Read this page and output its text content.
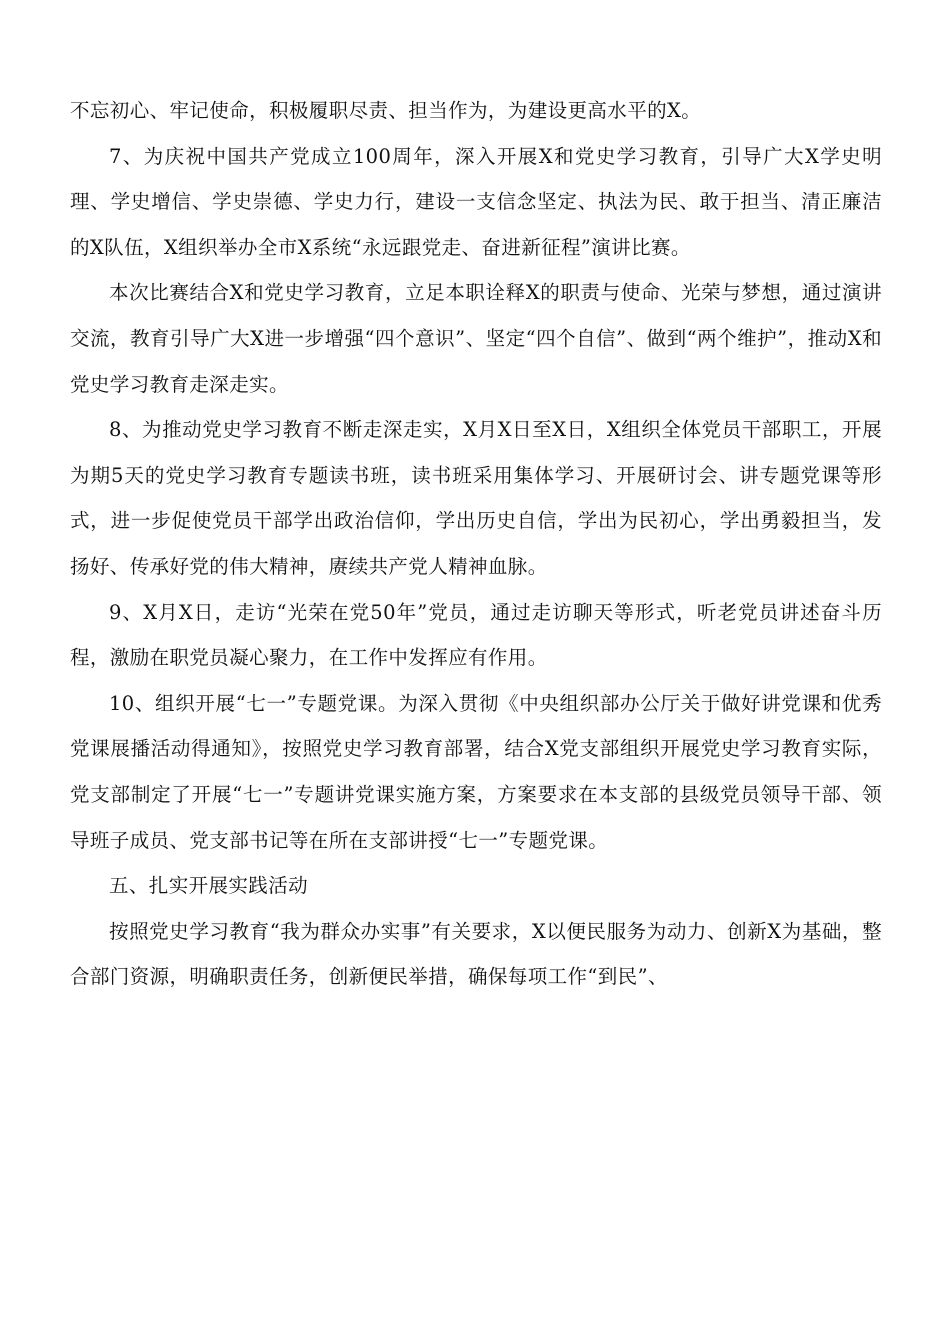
不忘初心、牢记使命，积极履职尽责、担当作为，为建设更高水平的X。

7、为庆祝中国共产党成立100周年，深入开展X和党史学习教育，引导广大X学史明理、学史增信、学史崇德、学史力行，建设一支信念坚定、执法为民、敢于担当、清正廉洁的X队伍，X组织举办全市X系统“永远跟党走、奋进新征程”演讲比赛。

本次比赛结合X和党史学习教育，立足本职诠释X的职责与使命、光荣与梦想，通过演讲交流，教育引导广大X进一步增强“四个意识”、坚定“四个自信”、做到“两个维护”，推动X和党史学习教育走深走实。

8、为推动党史学习教育不断走深走实，X月X日至X日，X组织全体党员干部职工，开展为期5天的党史学习教育专题读书班，读书班采用集体学习、开展研讨会、讲专题党课等形式，进一步促使党员干部学出政治信仰，学出历史自信，学出为民初心，学出勇毅担当，发扬好、传承好党的伟大精神，赓续共产党人精神血脉。

9、X月X日，走访“光荣在党50年”党员，通过走访聊天等形式，听老党员讲述奋斗历程，激励在职党员凝心聚力，在工作中发挥应有作用。

10、组织开展“七一”专题党课。为深入贯彻《中央组织部办公厅关于做好讲党课和优秀党课展播活动得通知》，按照党史学习教育部署，结合X党支部组织开展党史学习教育实际，党支部制定了开展“七一”专题讲党课实施方案，方案要求在本支部的县级党员领导干部、领导班子成员、党支部书记等在所在支部讲授“七一”专题党课。

五、扎实开展实践活动

按照党史学习教育“我为群众办实事”有关要求，X以便民服务为动力、创新X为基础，整合部门资源，明确职责任务，创新便民举措，确保每项工作“到民”、
